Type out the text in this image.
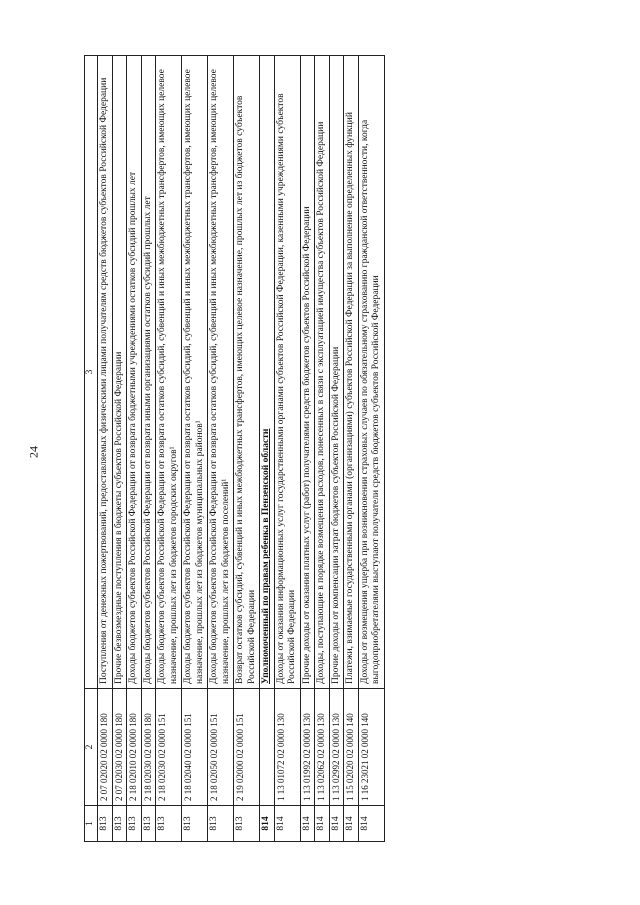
24
1	2	3
813	2 07 02020 02 0000 180	Поступления от денежных пожертвований, предоставляемых физическими лицами получателям средств бюджетов субъектов Российской Федерации
813	2 07 02030 02 0000 180	Прочие безвозмездные поступления в бюджеты субъектов Российской Федерации
813	2 18 02010 02 0000 180	Доходы бюджетов субъектов Российской Федерации от возврата бюджетными учреждениями остатков субсидий прошлых лет
813	2 18 02030 02 0000 180	Доходы бюджетов субъектов Российской Федерации от возврата иными организациями остатков субсидий прошлых лет
813	2 18 02030 02 0000 151	Доходы бюджетов субъектов Российской Федерации от возврата остатков субсидий, субвенций и иных межбюджетных трансфертов, имеющих целевое назначение, прошлых лет из бюджетов городских округов¹
813	2 18 02040 02 0000 151	Доходы бюджетов субъектов Российской Федерации от возврата остатков субсидий, субвенций и иных межбюджетных трансфертов, имеющих целевое назначение, прошлых лет из бюджетов муниципальных районов¹
813	2 18 02050 02 0000 151	Доходы бюджетов субъектов Российской Федерации от возврата остатков субсидий, субвенций и иных межбюджетных трансфертов, имеющих целевое назначение, прошлых лет из бюджетов поселений¹
813	2 19 02000 02 0000 151	Возврат остатков субсидий, субвенций и иных межбюджетных трансфертов, имеющих целевое назначение, прошлых лет из бюджетов субъектов Российской Федерации
814		Уполномоченный по правам ребенка в Пензенской области
814	1 13 01072 02 0000 130	Доходы от оказания информационных услуг государственными органами субъектов Российской Федерации, казенными учреждениями субъектов Российской Федерации
814	1 13 01992 02 0000 130	Прочие доходы от оказания платных услуг (работ) получателями средств бюджетов субъектов Российской Федерации
814	1 13 02062 02 0000 130	Доходы, поступающие в порядке возмещения расходов, понесенных в связи с эксплуатацией имущества субъектов Российской Федерации
814	1 13 02992 02 0000 130	Прочие доходы от компенсации затрат бюджетов субъектов Российской Федерации
814	1 15 02020 02 0000 140	Платежи, взимаемые государственными органами (организациями) субъектов Российской Федерации за выполнение определенных функций
814	1 16 23021 02 0000 140	Доходы от возмещения ущерба при возникновении страховых случаев по обязательному страхованию гражданской ответственности, когда выгодоприобретателями выступают получатели средств бюджетов субъектов Российской Федерации
